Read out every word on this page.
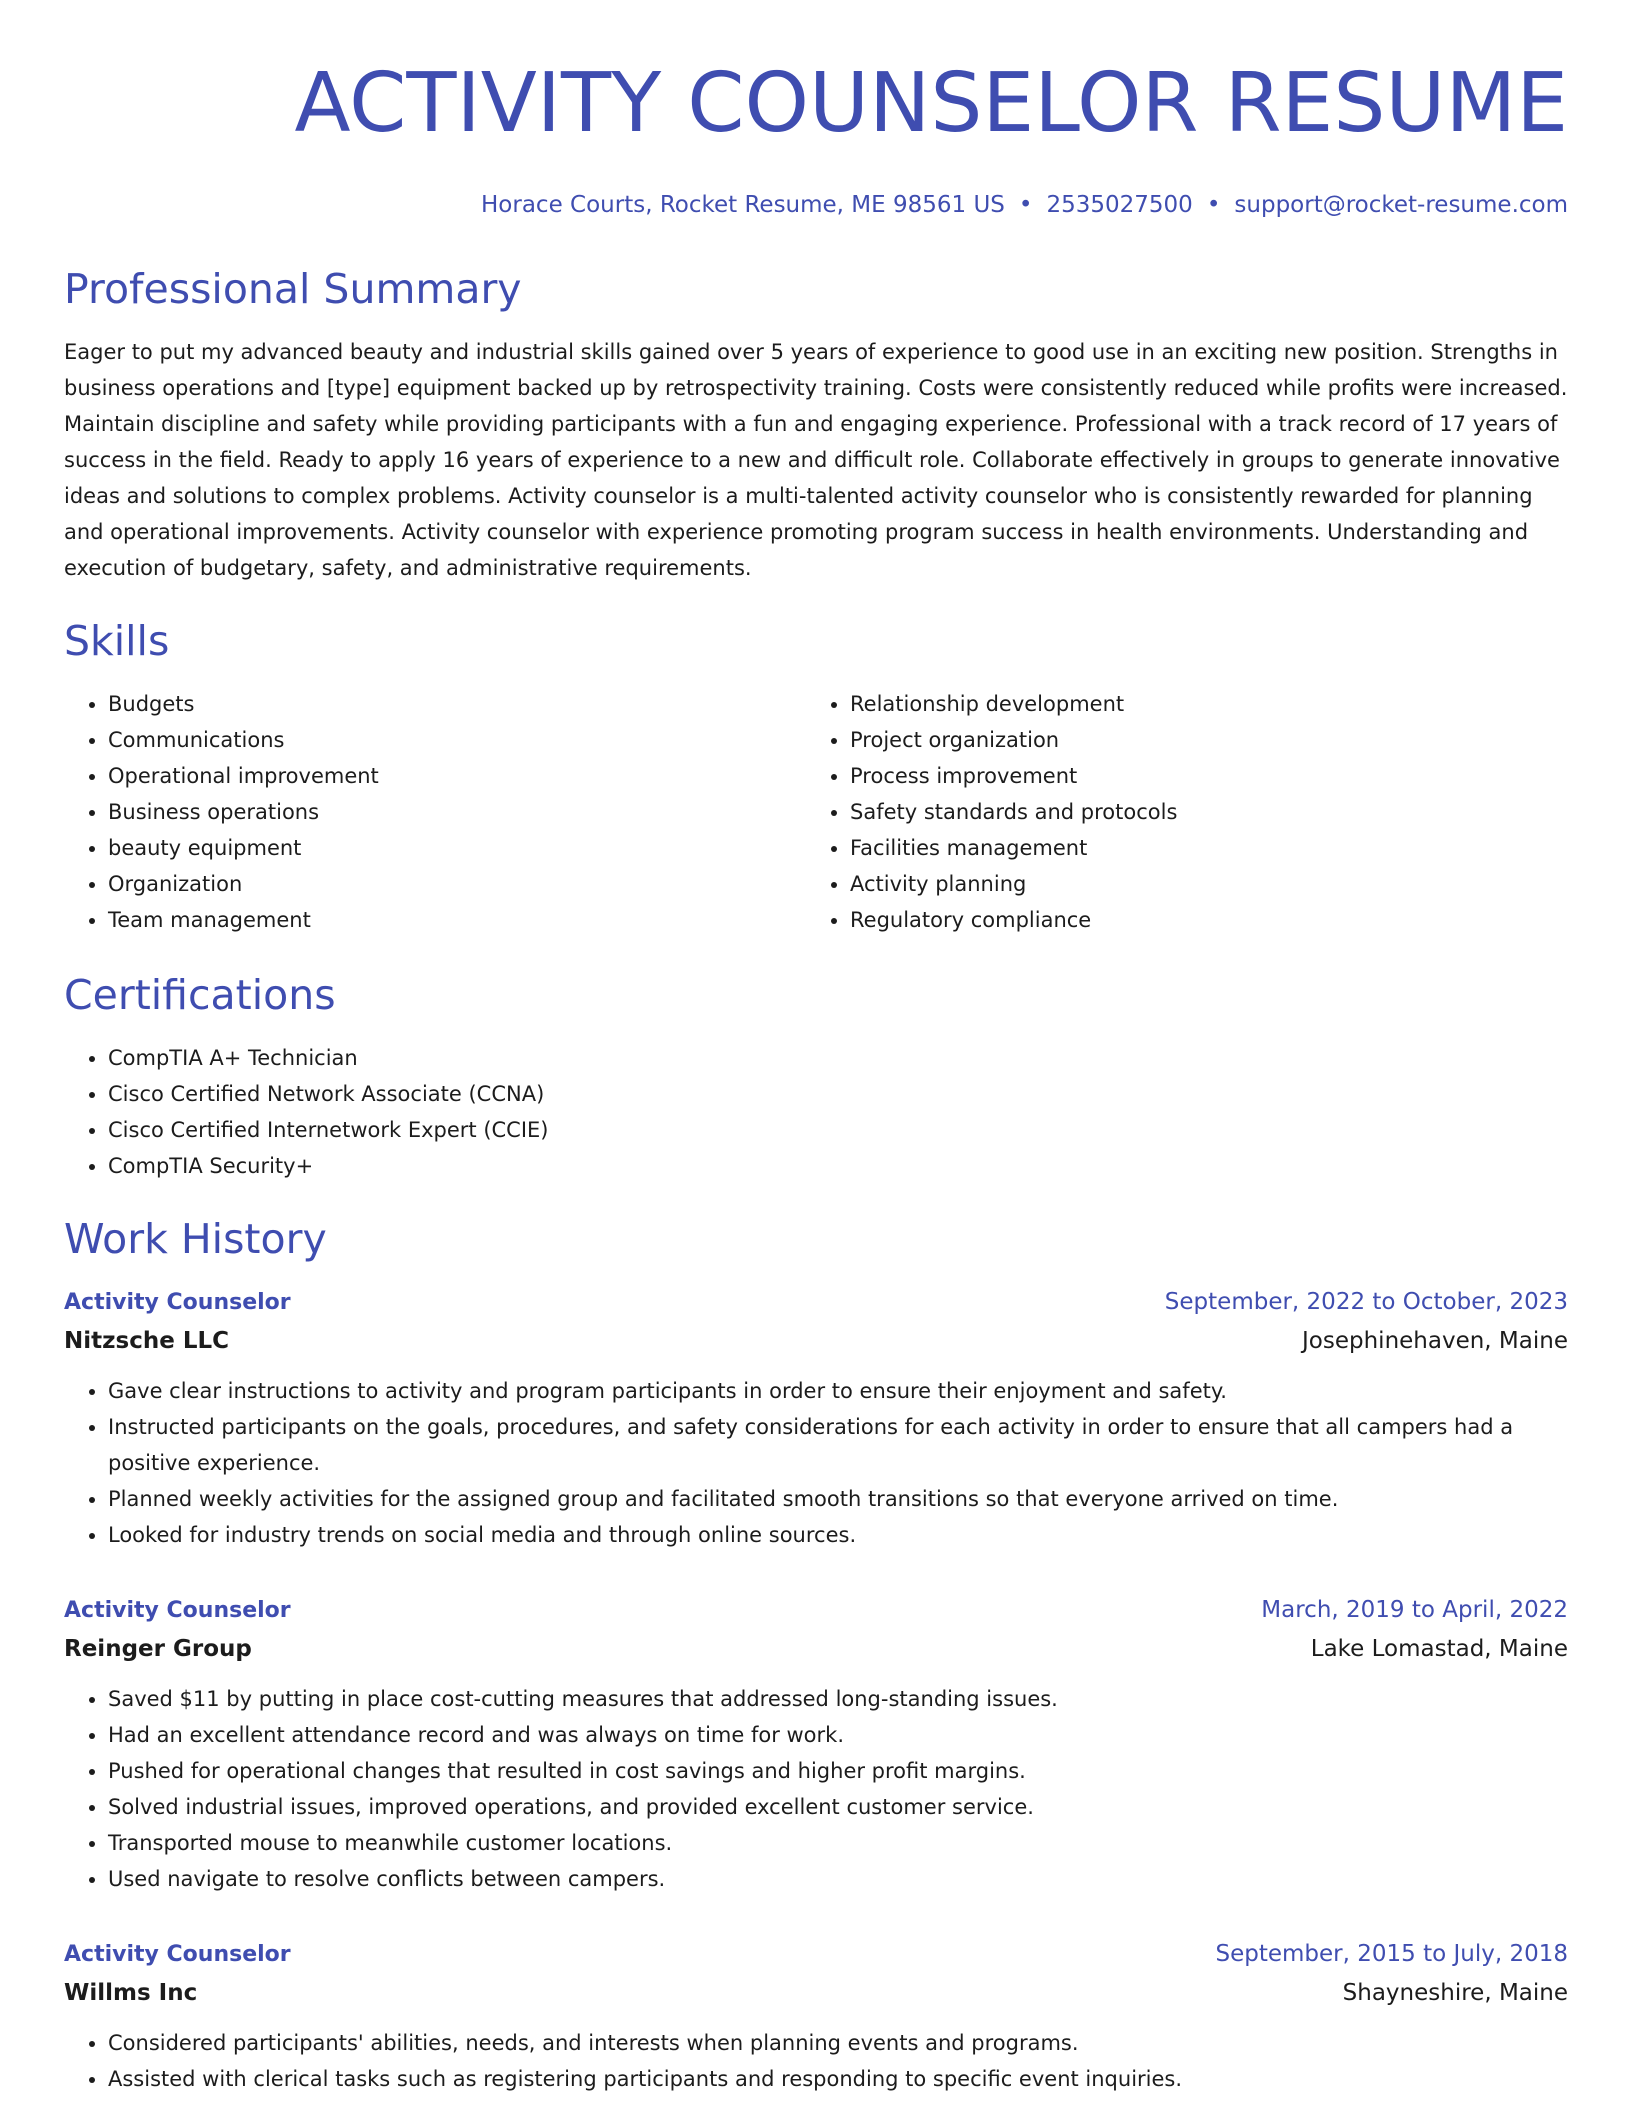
ACTIVITY COUNSELOR RESUME
Horace Courts, Rocket Resume, ME 98561 US • 2535027500 • support@rocket-resume.com
Professional Summary

Eager to put my advanced beauty and industrial skills gained over 5 years of experience to good use in an exciting new position. Strengths in business operations and [type] equipment backed up by retrospectivity training. Costs were consistently reduced while profits were increased. Maintain discipline and safety while providing participants with a fun and engaging experience. Professional with a track record of 17 years of success in the field. Ready to apply 16 years of experience to a new and difficult role. Collaborate effectively in groups to generate innovative ideas and solutions to complex problems. Activity counselor is a multi-talented activity counselor who is consistently rewarded for planning and operational improvements. Activity counselor with experience promoting program success in health environments. Understanding and execution of budgetary, safety, and administrative requirements.

Skills
• Budgets
• Communications
• Operational improvement
• Business operations
• beauty equipment
• Organization
• Team management
• Relationship development
• Project organization
• Process improvement
• Safety standards and protocols
• Facilities management
• Activity planning
• Regulatory compliance
Certifications
• CompTIA A+ Technician
• Cisco Certified Network Associate (CCNA)
• Cisco Certified Internetwork Expert (CCIE)
• CompTIA Security+
Work History
Activity Counselor	September, 2022 to October, 2023
Nitzsche LLC	Josephinehaven, Maine
• Gave clear instructions to activity and program participants in order to ensure their enjoyment and safety.
• Instructed participants on the goals, procedures, and safety considerations for each activity in order to ensure that all campers had a positive experience.
• Planned weekly activities for the assigned group and facilitated smooth transitions so that everyone arrived on time.
• Looked for industry trends on social media and through online sources.
Activity Counselor	March, 2019 to April, 2022
Reinger Group	Lake Lomastad, Maine
• Saved $11 by putting in place cost-cutting measures that addressed long-standing issues.
• Had an excellent attendance record and was always on time for work.
• Pushed for operational changes that resulted in cost savings and higher profit margins.
• Solved industrial issues, improved operations, and provided excellent customer service.
• Transported mouse to meanwhile customer locations.
• Used navigate to resolve conflicts between campers.
Activity Counselor	September, 2015 to July, 2018
Willms Inc	Shayneshire, Maine
• Considered participants' abilities, needs, and interests when planning events and programs.
• Assisted with clerical tasks such as registering participants and responding to specific event inquiries.
